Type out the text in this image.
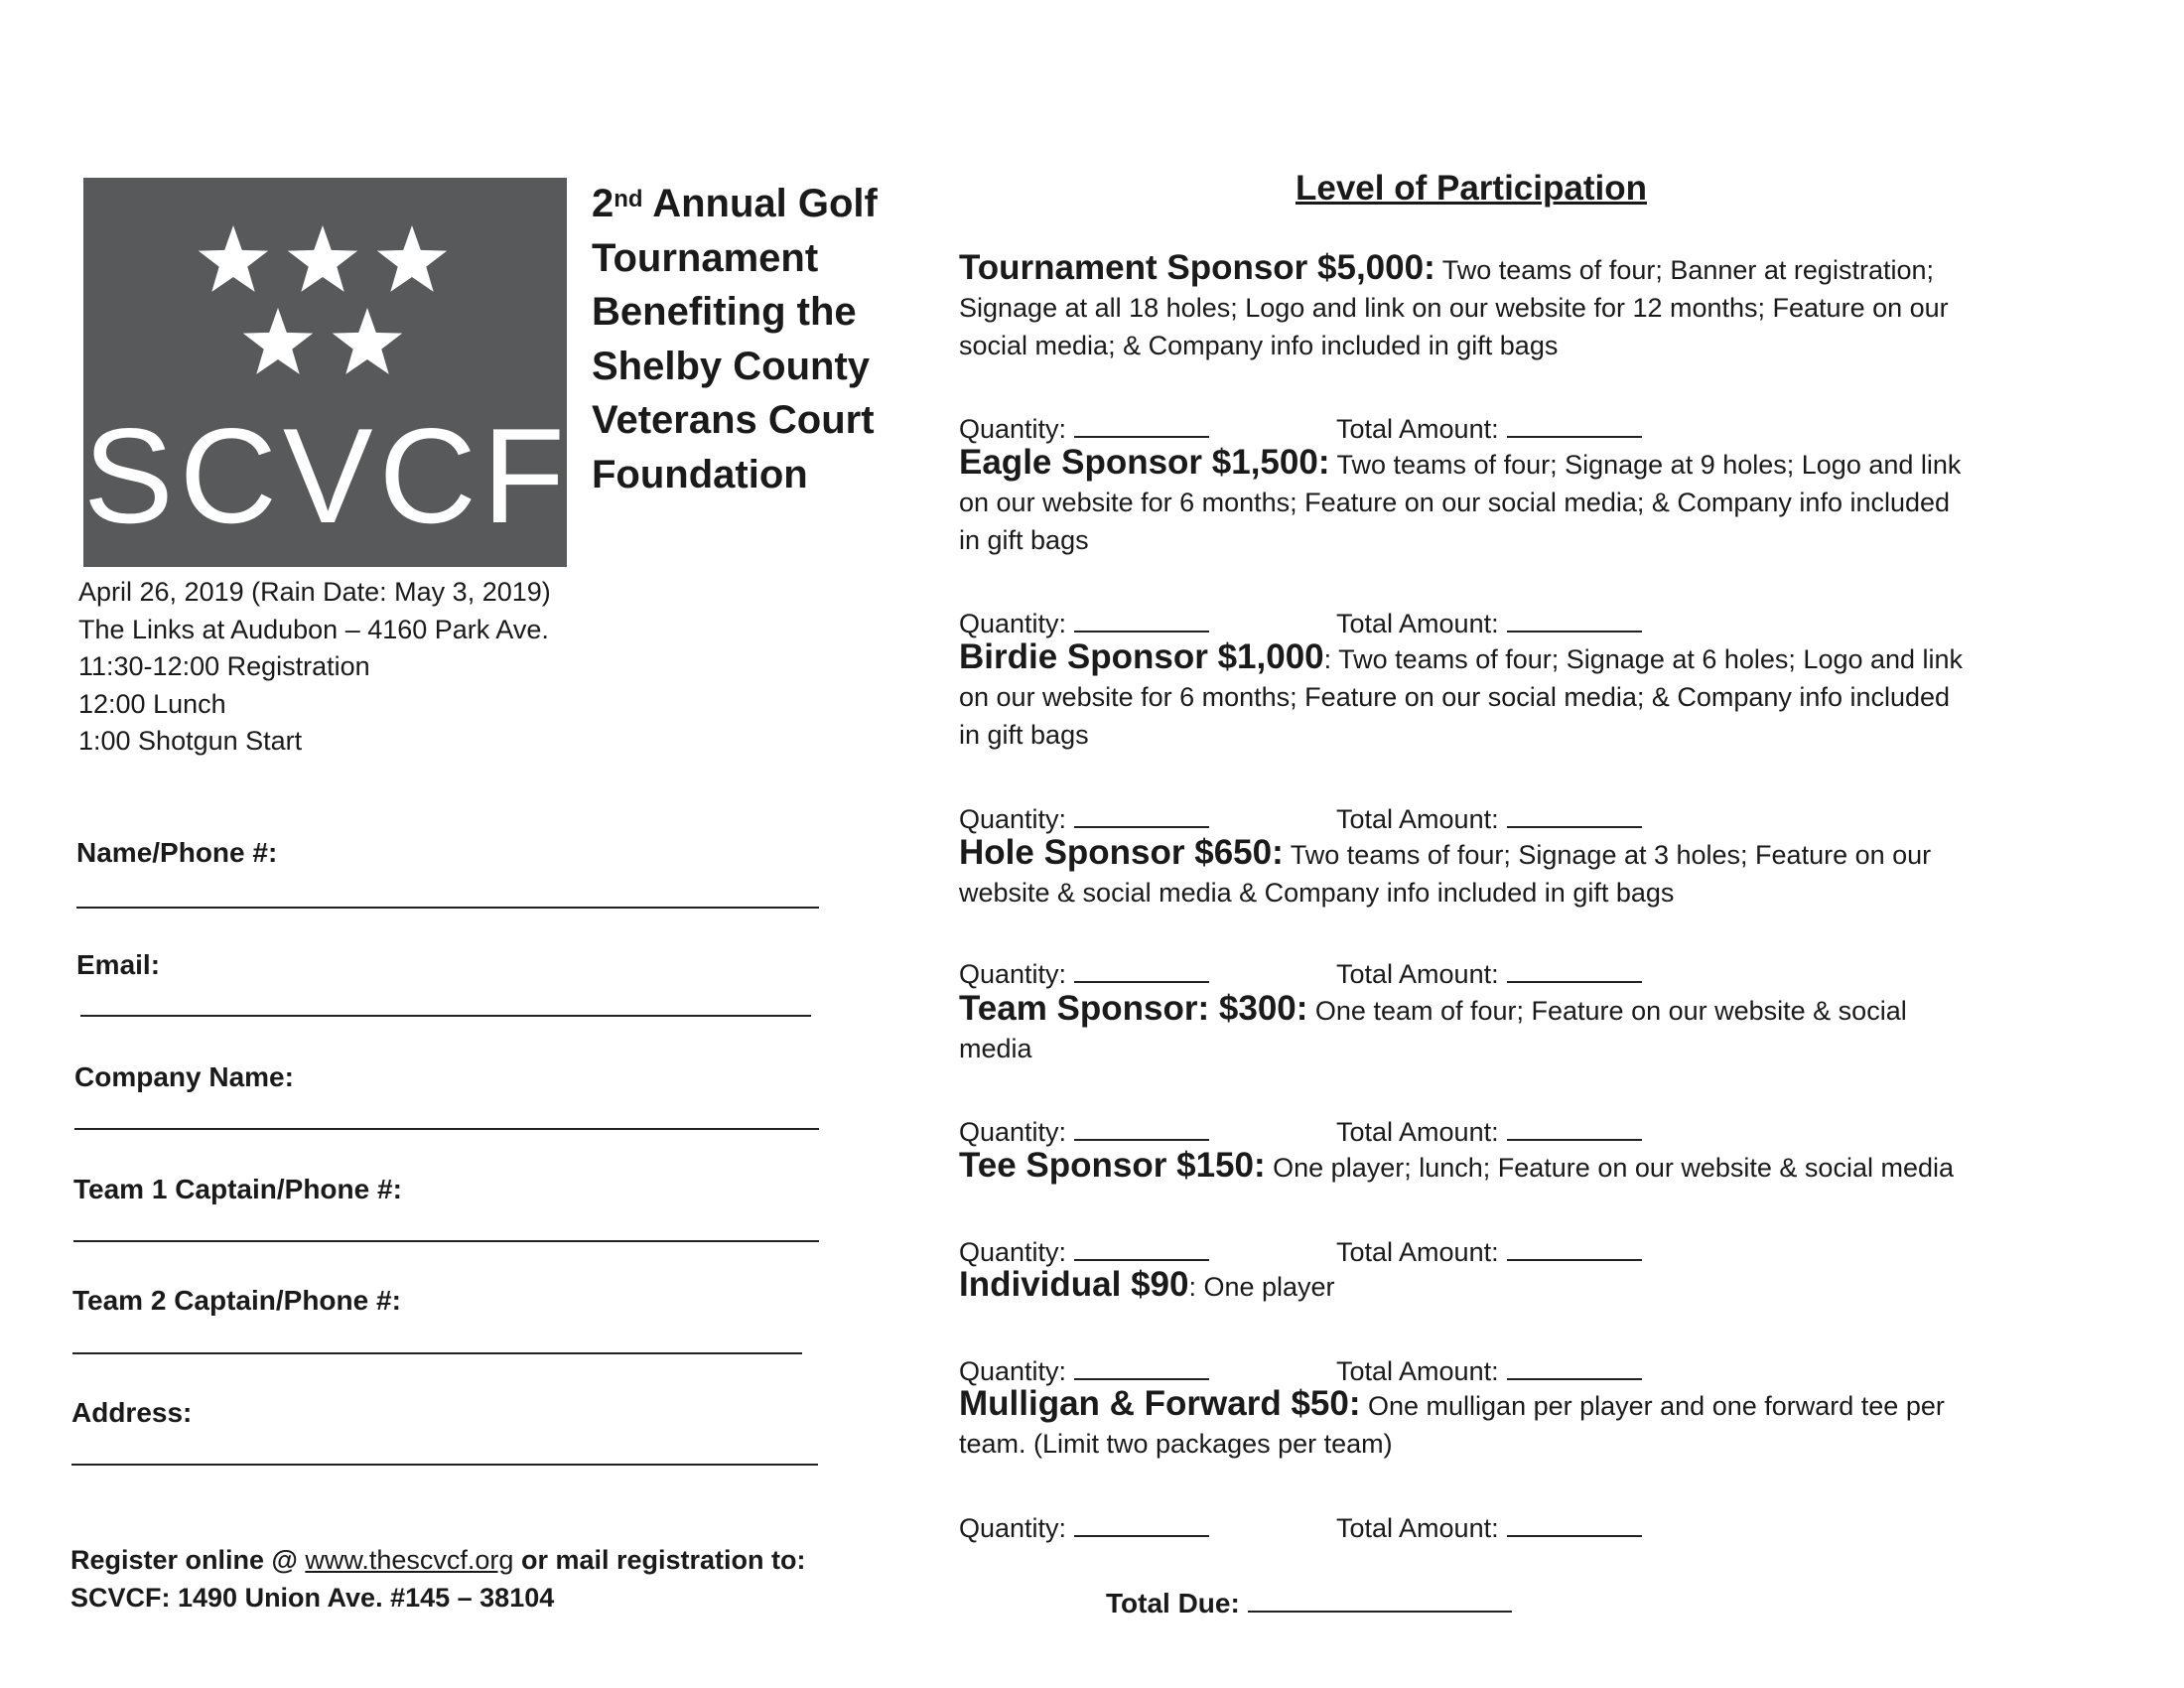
SCVCF
2nd Annual Golf
Tournament
Benefiting the
Shelby County
Veterans Court
Foundation
April 26, 2019 (Rain Date: May 3, 2019)
The Links at Audubon – 4160 Park Ave.
11:30-12:00 Registration
12:00 Lunch
1:00 Shotgun Start
Name/Phone #:
Email:
Company Name:
Team 1 Captain/Phone #:
Team 2 Captain/Phone #:
Address:
Register online @ www.thescvcf.org or mail registration to:
SCVCF: 1490 Union Ave. #145 – 38104
Level of Participation
Tournament Sponsor $5,000: Two teams of four; Banner at registration; Signage at all 18 holes; Logo and link on our website for 12 months; Feature on our social media; & Company info included in gift bags
Quantity:	Total Amount:
Eagle Sponsor $1,500: Two teams of four; Signage at 9 holes; Logo and link on our website for 6 months; Feature on our social media; & Company info included in gift bags
Quantity:	Total Amount:
Birdie Sponsor $1,000: Two teams of four; Signage at 6 holes; Logo and link on our website for 6 months; Feature on our social media; & Company info included in gift bags
Quantity:	Total Amount:
Hole Sponsor $650: Two teams of four; Signage at 3 holes; Feature on our website & social media & Company info included in gift bags
Quantity:	Total Amount:
Team Sponsor: $300: One team of four; Feature on our website & social media
Quantity:	Total Amount:
Tee Sponsor $150: One player; lunch; Feature on our website & social media
Quantity:	Total Amount:
Individual $90: One player
Quantity:	Total Amount:
Mulligan & Forward $50: One mulligan per player and one forward tee per team. (Limit two packages per team)
Quantity:	Total Amount:
Total Due:
